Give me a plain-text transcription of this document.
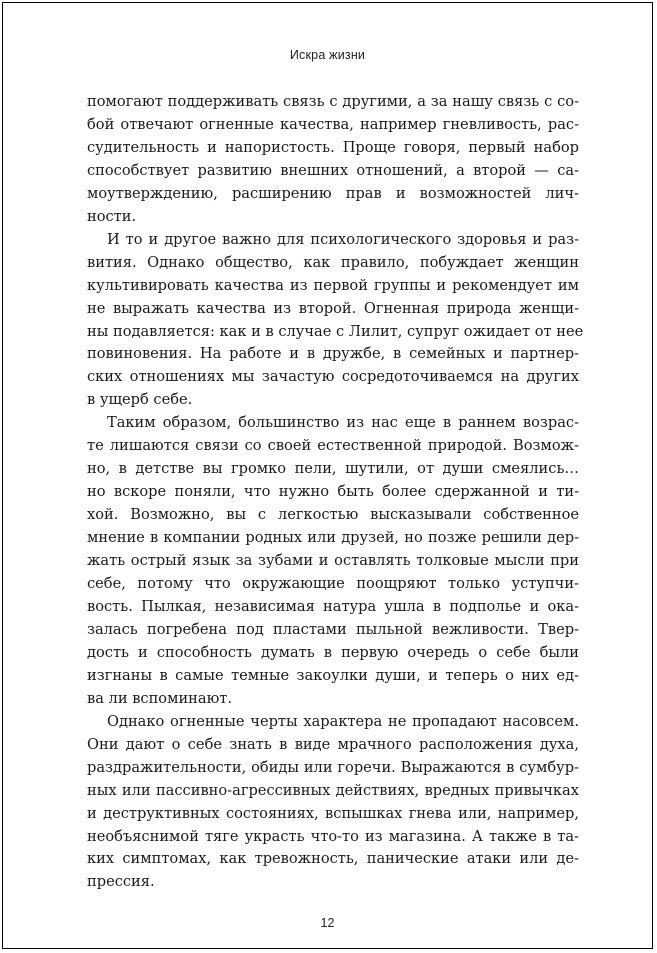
Искра жизни
помогают поддерживать связь с другими, а за нашу связь с со-
бой отвечают огненные качества, например гневливость, рас-
судительность и напористость. Проще говоря, первый набор
способствует развитию внешних отношений, а второй — са-
моутверждению, расширению прав и возможностей лич-
ности.
И то и другое важно для психологического здоровья и раз-
вития. Однако общество, как правило, побуждает женщин
культивировать качества из первой группы и рекомендует им
не выражать качества из второй. Огненная природа женщи-
ны подавляется: как и в случае с Лилит, супруг ожидает от нее
повиновения. На работе и в дружбе, в семейных и партнер-
ских отношениях мы зачастую сосредоточиваемся на других
в ущерб себе.
Таким образом, большинство из нас еще в раннем возрас-
те лишаются связи со своей естественной природой. Возмож-
но, в детстве вы громко пели, шутили, от души смеялись…
но вскоре поняли, что нужно быть более сдержанной и ти-
хой. Возможно, вы с легкостью высказывали собственное
мнение в компании родных или друзей, но позже решили дер-
жать острый язык за зубами и оставлять толковые мысли при
себе, потому что окружающие поощряют только уступчи-
вость. Пылкая, независимая натура ушла в подполье и ока-
залась погребена под пластами пыльной вежливости. Твер-
дость и способность думать в первую очередь о себе были
изгнаны в самые темные закоулки души, и теперь о них ед-
ва ли вспоминают.
Однако огненные черты характера не пропадают насовсем.
Они дают о себе знать в виде мрачного расположения духа,
раздражительности, обиды или горечи. Выражаются в сумбур-
ных или пассивно-агрессивных действиях, вредных привычках
и деструктивных состояниях, вспышках гнева или, например,
необъяснимой тяге украсть что-то из магазина. А также в та-
ких симптомах, как тревожность, панические атаки или де-
прессия.
12
